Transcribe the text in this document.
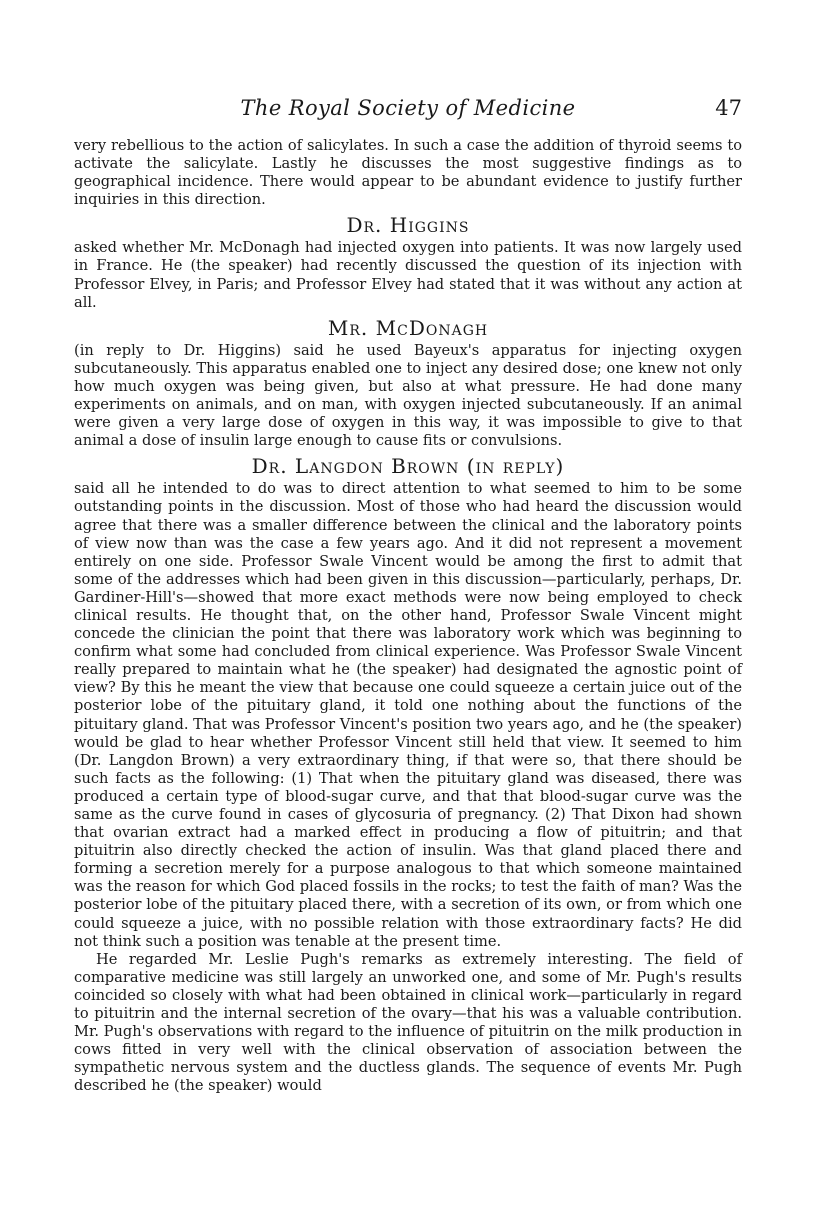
The Royal Society of Medicine	47

very rebellious to the action of salicylates. In such a case the addition of thyroid seems to activate the salicylate. Lastly he discusses the most suggestive findings as to geographical incidence. There would appear to be abundant evidence to justify further inquiries in this direction.

Dr. Higgins

asked whether Mr. McDonagh had injected oxygen into patients. It was now largely used in France. He (the speaker) had recently discussed the question of its injection with Professor Elvey, in Paris; and Professor Elvey had stated that it was without any action at all.

Mr. McDonagh

(in reply to Dr. Higgins) said he used Bayeux's apparatus for injecting oxygen subcutaneously. This apparatus enabled one to inject any desired dose; one knew not only how much oxygen was being given, but also at what pressure. He had done many experiments on animals, and on man, with oxygen injected subcutaneously. If an animal were given a very large dose of oxygen in this way, it was impossible to give to that animal a dose of insulin large enough to cause fits or convulsions.

Dr. Langdon Brown (in reply)

said all he intended to do was to direct attention to what seemed to him to be some outstanding points in the discussion. Most of those who had heard the discussion would agree that there was a smaller difference between the clinical and the laboratory points of view now than was the case a few years ago. And it did not represent a movement entirely on one side. Professor Swale Vincent would be among the first to admit that some of the addresses which had been given in this discussion—particularly, perhaps, Dr. Gardiner-Hill's—showed that more exact methods were now being employed to check clinical results. He thought that, on the other hand, Professor Swale Vincent might concede the clinician the point that there was laboratory work which was beginning to confirm what some had concluded from clinical experience. Was Professor Swale Vincent really prepared to maintain what he (the speaker) had designated the agnostic point of view? By this he meant the view that because one could squeeze a certain juice out of the posterior lobe of the pituitary gland, it told one nothing about the functions of the pituitary gland. That was Professor Vincent's position two years ago, and he (the speaker) would be glad to hear whether Professor Vincent still held that view. It seemed to him (Dr. Langdon Brown) a very extraordinary thing, if that were so, that there should be such facts as the following: (1) That when the pituitary gland was diseased, there was produced a certain type of blood-sugar curve, and that that blood-sugar curve was the same as the curve found in cases of glycosuria of pregnancy. (2) That Dixon had shown that ovarian extract had a marked effect in producing a flow of pituitrin; and that pituitrin also directly checked the action of insulin. Was that gland placed there and forming a secretion merely for a purpose analogous to that which someone maintained was the reason for which God placed fossils in the rocks; to test the faith of man? Was the posterior lobe of the pituitary placed there, with a secretion of its own, or from which one could squeeze a juice, with no possible relation with those extraordinary facts? He did not think such a position was tenable at the present time.

He regarded Mr. Leslie Pugh's remarks as extremely interesting. The field of comparative medicine was still largely an unworked one, and some of Mr. Pugh's results coincided so closely with what had been obtained in clinical work—particularly in regard to pituitrin and the internal secretion of the ovary—that his was a valuable contribution. Mr. Pugh's observations with regard to the influence of pituitrin on the milk production in cows fitted in very well with the clinical observation of association between the sympathetic nervous system and the ductless glands. The sequence of events Mr. Pugh described he (the speaker) would
